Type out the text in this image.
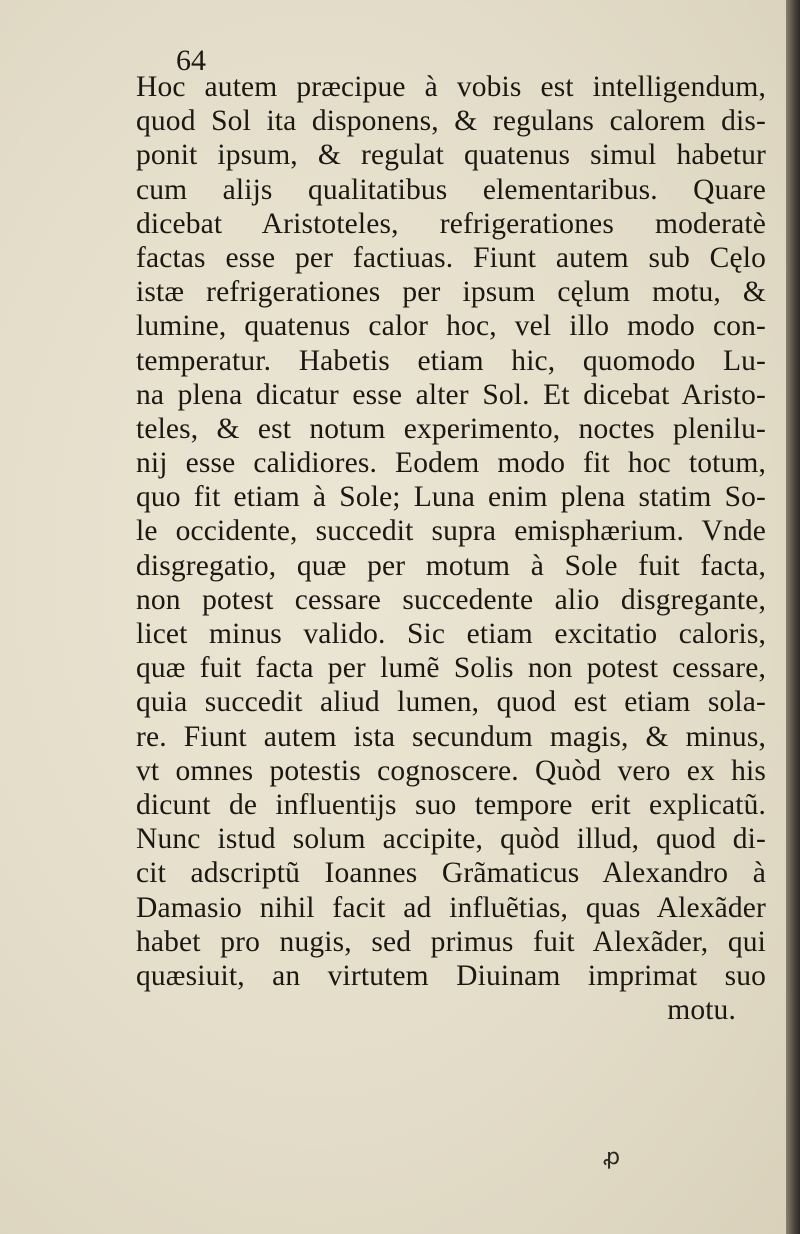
64
Hoc autem præcipue à vobis est intelligendum,
quod Sol ita disponens, & regulans calorem dis-
ponit ipsum, & regulat quatenus simul habetur
cum alijs qualitatibus elementaribus. Quare
dicebat Aristoteles, refrigerationes moderatè
factas esse per factiuas. Fiunt autem sub Cęlo
istæ refrigerationes per ipsum cęlum motu, &
lumine, quatenus calor hoc, vel illo modo con-
temperatur. Habetis etiam hic, quomodo Lu-
na plena dicatur esse alter Sol. Et dicebat Aristo-
teles, & est notum experimento, noctes plenilu-
nij esse calidiores. Eodem modo fit hoc totum,
quo fit etiam à Sole; Luna enim plena statim So-
le occidente, succedit supra emisphærium. Vnde
disgregatio, quæ per motum à Sole fuit facta,
non potest cessare succedente alio disgregante,
licet minus valido. Sic etiam excitatio caloris,
quæ fuit facta per lumẽ Solis non potest cessare,
quia succedit aliud lumen, quod est etiam sola-
re. Fiunt autem ista secundum magis, & minus,
vt omnes potestis cognoscere. Quòd vero ex his
dicunt de influentijs suo tempore erit explicatũ.
Nunc istud solum accipite, quòd illud, quod di-
cit adscriptũ Ioannes Grãmaticus Alexandro à
Damasio nihil facit ad influẽtias, quas Alexãder
habet pro nugis, sed primus fuit Alexãder, qui
quæsiuit, an virtutem Diuinam imprimat suo
motu.
ꝓ
